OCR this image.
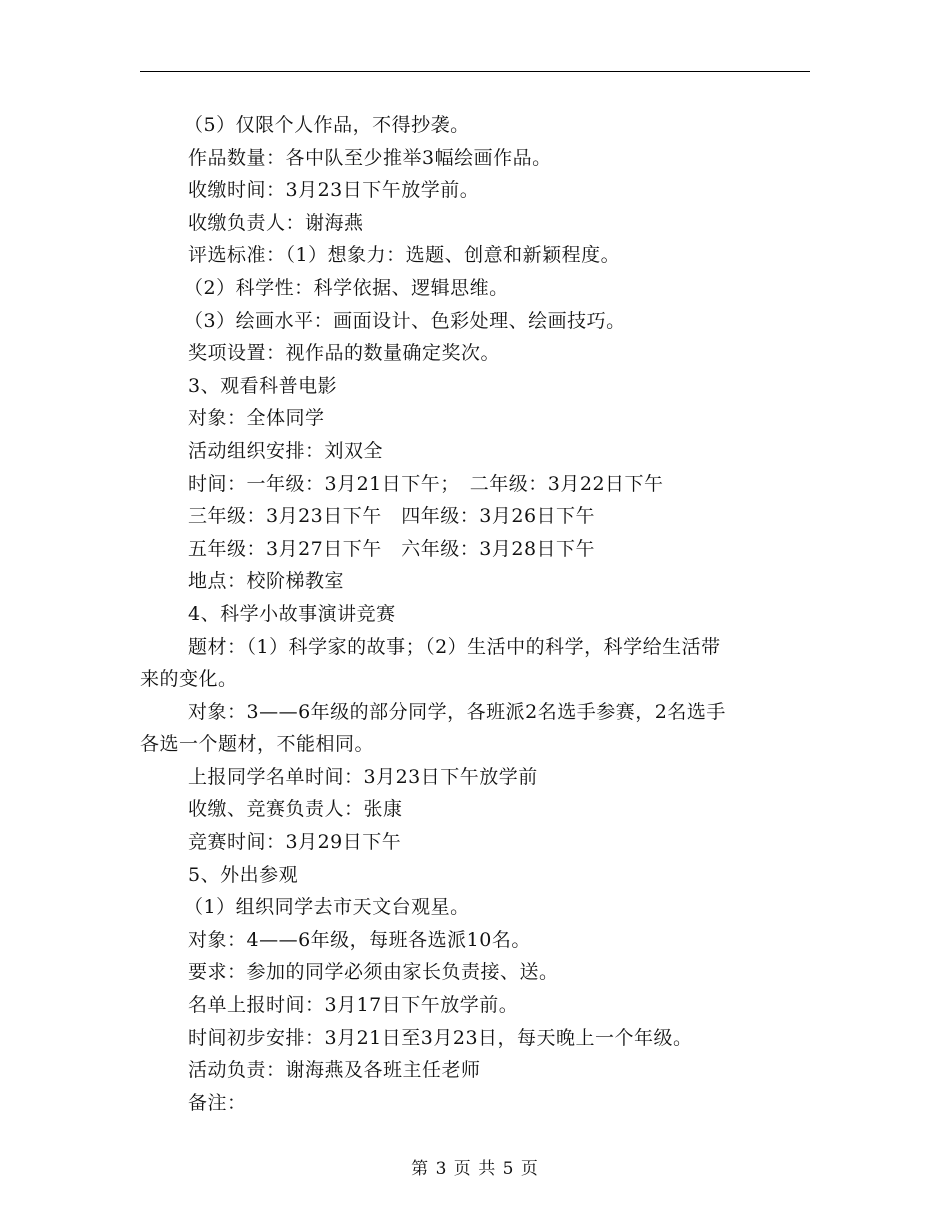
（5）仅限个人作品，不得抄袭。
作品数量：各中队至少推举3幅绘画作品。
收缴时间：3月23日下午放学前。
收缴负责人：谢海燕
评选标准：（1）想象力：选题、创意和新颖程度。
（2）科学性：科学依据、逻辑思维。
（3）绘画水平：画面设计、色彩处理、绘画技巧。
奖项设置：视作品的数量确定奖次。
3、观看科普电影
对象：全体同学
活动组织安排：刘双全
时间：一年级：3月21日下午；　二年级：3月22日下午
三年级：3月23日下午　四年级：3月26日下午
五年级：3月27日下午　六年级：3月28日下午
地点：校阶梯教室
4、科学小故事演讲竞赛
题材：（1）科学家的故事；（2）生活中的科学，科学给生活带
来的变化。
对象：3——6年级的部分同学，各班派2名选手参赛，2名选手
各选一个题材，不能相同。
上报同学名单时间：3月23日下午放学前
收缴、竞赛负责人：张康
竞赛时间：3月29日下午
5、外出参观
（1）组织同学去市天文台观星。
对象：4——6年级，每班各选派10名。
要求：参加的同学必须由家长负责接、送。
名单上报时间：3月17日下午放学前。
时间初步安排：3月21日至3月23日，每天晚上一个年级。
活动负责：谢海燕及各班主任老师
备注：
第 3 页 共 5 页
